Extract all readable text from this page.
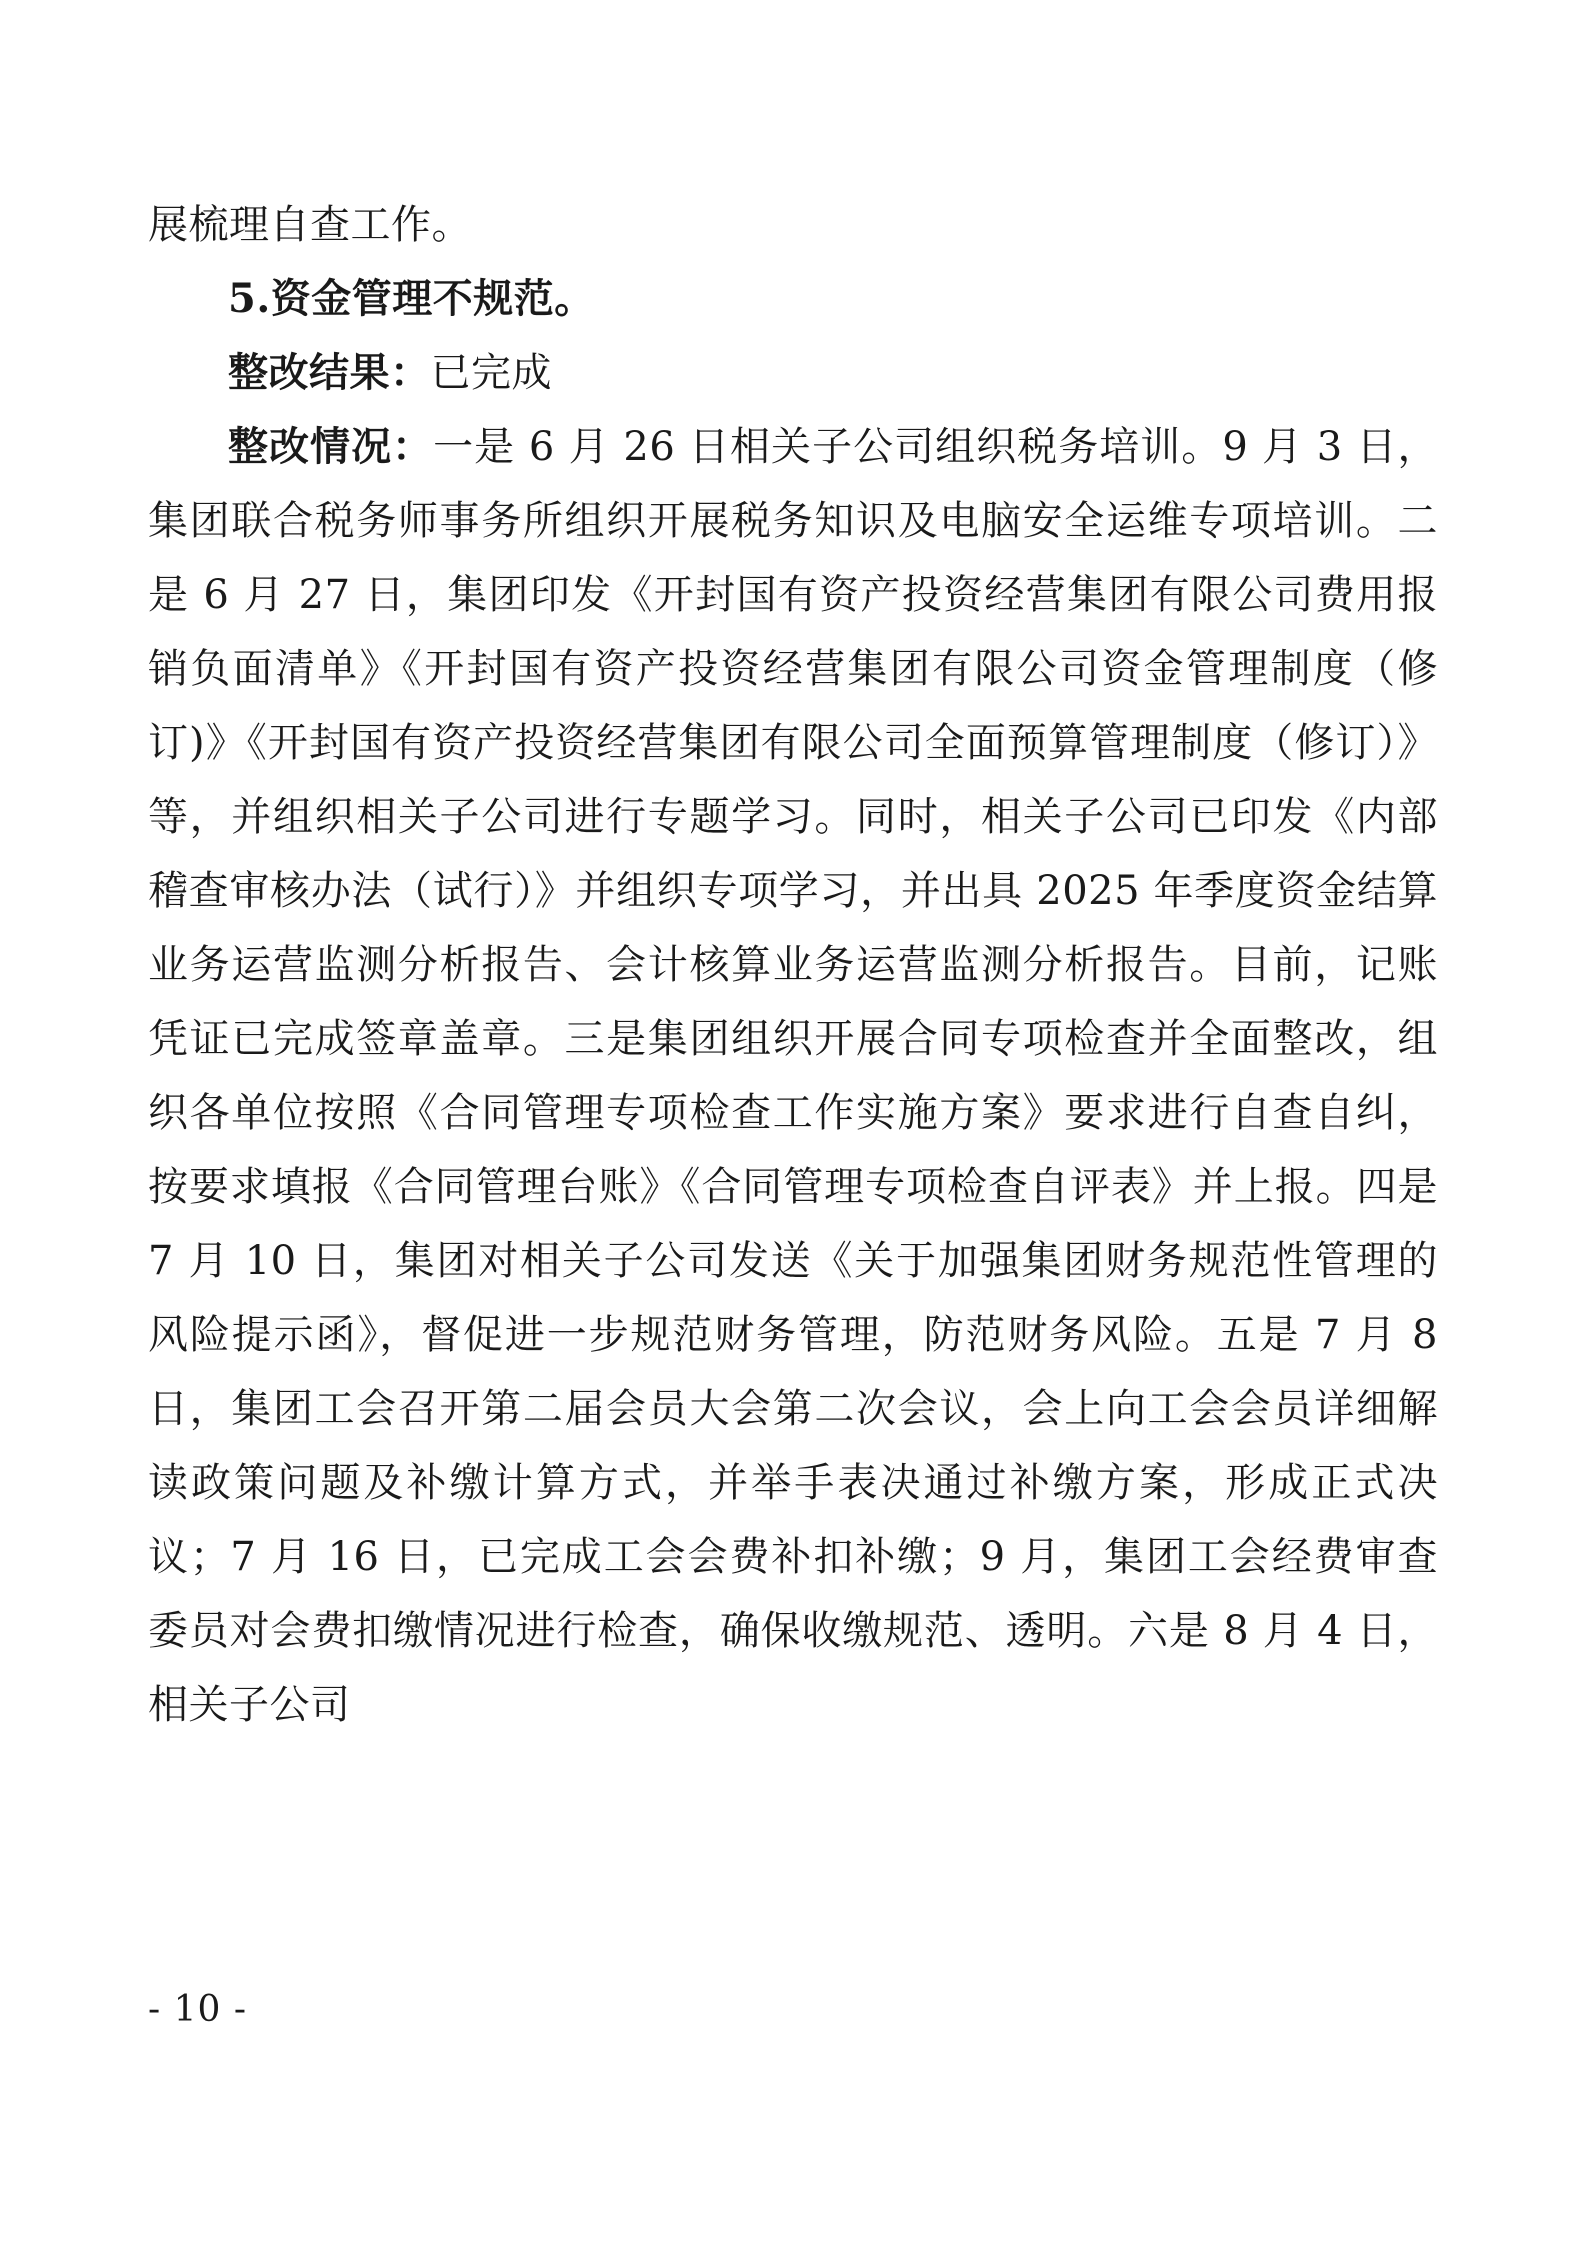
展梳理自查工作。

5.资金管理不规范。

整改结果：已完成

整改情况：一是 6 月 26 日相关子公司组织税务培训。9 月 3 日，集团联合税务师事务所组织开展税务知识及电脑安全运维专项培训。二是 6 月 27 日，集团印发《开封国有资产投资经营集团有限公司费用报销负面清单》《开封国有资产投资经营集团有限公司资金管理制度（修订)》《开封国有资产投资经营集团有限公司全面预算管理制度（修订）》等，并组织相关子公司进行专题学习。同时，相关子公司已印发《内部稽查审核办法（试行）》并组织专项学习，并出具 2025 年季度资金结算业务运营监测分析报告、会计核算业务运营监测分析报告。目前，记账凭证已完成签章盖章。三是集团组织开展合同专项检查并全面整改，组织各单位按照《合同管理专项检查工作实施方案》要求进行自查自纠，按要求填报《合同管理台账》《合同管理专项检查自评表》并上报。四是 7 月 10 日，集团对相关子公司发送《关于加强集团财务规范性管理的风险提示函》，督促进一步规范财务管理，防范财务风险。五是 7 月 8 日，集团工会召开第二届会员大会第二次会议，会上向工会会员详细解读政策问题及补缴计算方式，并举手表决通过补缴方案，形成正式决议；7 月 16 日，已完成工会会费补扣补缴；9 月，集团工会经费审查委员对会费扣缴情况进行检查，确保收缴规范、透明。六是 8 月 4 日，相关子公司

- 10 -
